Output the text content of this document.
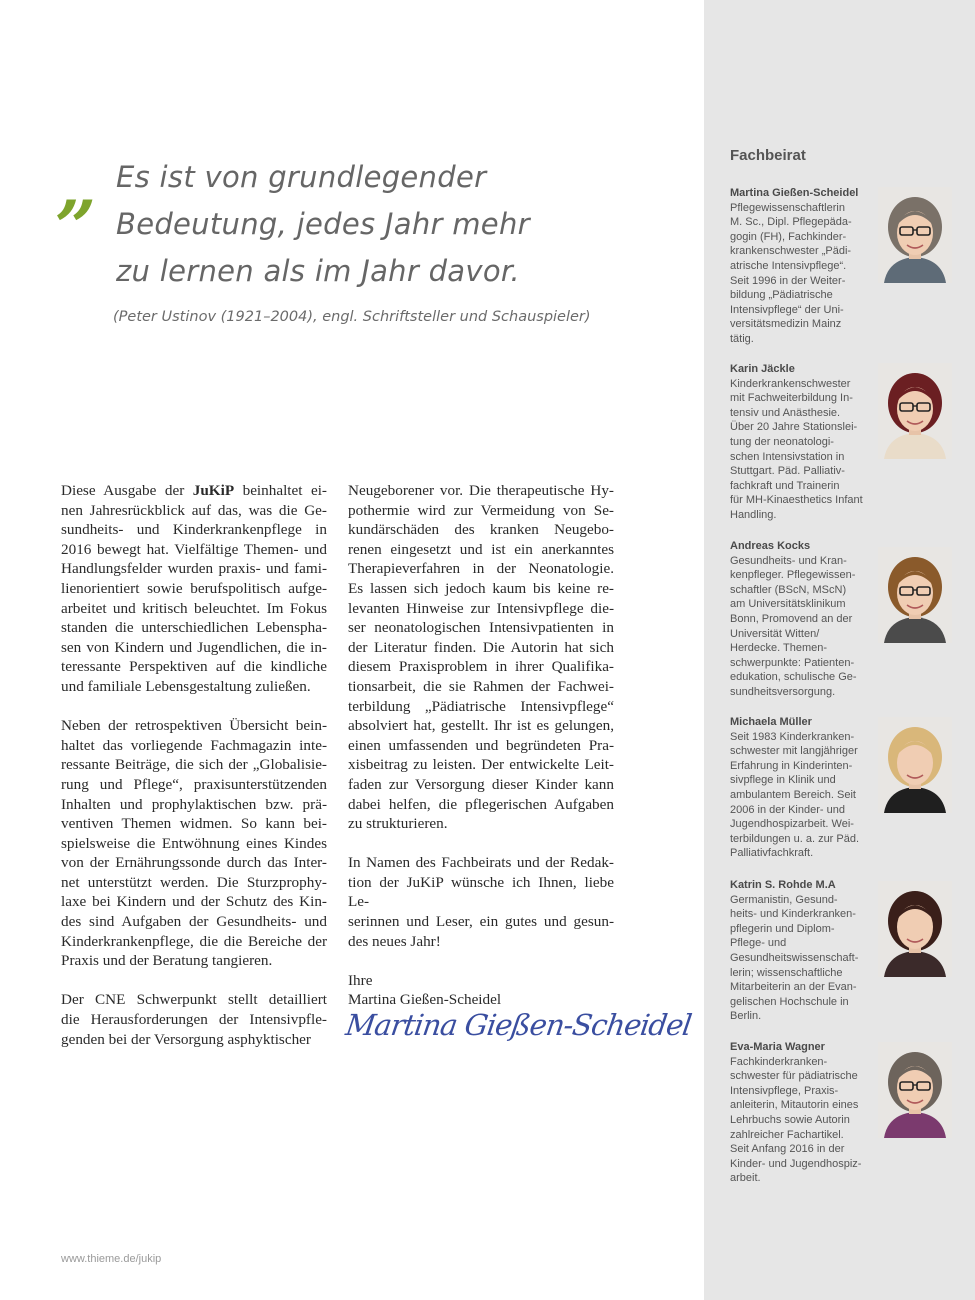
„ Es ist von grundlegender
Bedeutung, jedes Jahr mehr
zu lernen als im Jahr davor.
(Peter Ustinov (1921–2004), engl. Schriftsteller und Schauspieler)

Diese Ausgabe der JuKiP beinhaltet ei-
nen Jahresrückblick auf das, was die Ge-
sundheits- und Kinderkrankenpflege in
2016 bewegt hat. Vielfältige Themen- und
Handlungsfelder wurden praxis- und fami-
lienorientiert sowie berufspolitisch aufge-
arbeitet und kritisch beleuchtet. Im Fokus
standen die unterschiedlichen Lebenspha-
sen von Kindern und Jugendlichen, die in-
teressante Perspektiven auf die kindliche
und familiale Lebensgestaltung zuließen.

Neben der retrospektiven Übersicht bein-
haltet das vorliegende Fachmagazin inte-
ressante Beiträge, die sich der „Globalisie-
rung und Pflege“, praxisunterstützenden
Inhalten und prophylaktischen bzw. prä-
ventiven Themen widmen. So kann bei-
spielsweise die Entwöhnung eines Kindes
von der Ernährungssonde durch das Inter-
net unterstützt werden. Die Sturzprophy-
laxe bei Kindern und der Schutz des Kin-
des sind Aufgaben der Gesundheits- und
Kinderkrankenpflege, die die Bereiche der
Praxis und der Beratung tangieren.

Der CNE Schwerpunkt stellt detailliert
die Herausforderungen der Intensivpfle-
genden bei der Versorgung asphyktischer

Neugeborener vor. Die therapeutische Hy-
pothermie wird zur Vermeidung von Se-
kundärschäden des kranken Neugebo-
renen eingesetzt und ist ein anerkanntes
Therapieverfahren in der Neonatologie.
Es lassen sich jedoch kaum bis keine re-
levanten Hinweise zur Intensivpflege die-
ser neonatologischen Intensivpatienten in
der Literatur finden. Die Autorin hat sich
diesem Praxisproblem in ihrer Qualifika-
tionsarbeit, die sie Rahmen der Fachwei-
terbildung „Pädiatrische Intensivpflege“
absolviert hat, gestellt. Ihr ist es gelungen,
einen umfassenden und begründeten Pra-
xisbeitrag zu leisten. Der entwickelte Leit-
faden zur Versorgung dieser Kinder kann
dabei helfen, die pflegerischen Aufgaben
zu strukturieren.

In Namen des Fachbeirats und der Redak-
tion der JuKiP wünsche ich Ihnen, liebe Le-
serinnen und Leser, ein gutes und gesun-
des neues Jahr!

Ihre
Martina Gießen-Scheidel

Martina Gießen-Scheidel
www.thieme.de/jukip
Fachbeirat
Martina Gießen-Scheidel
Pflegewissenschaftlerin
M. Sc., Dipl. Pflegepäda-
gogin (FH), Fachkinder-
krankenschwester „Pädi-
atrische Intensivpflege“.
Seit 1996 in der Weiter-
bildung „Pädiatrische
Intensivpflege“ der Uni-
versitätsmedizin Mainz
tätig.
Karin Jäckle
Kinderkrankenschwester
mit Fachweiterbildung In-
tensiv und Anästhesie.
Über 20 Jahre Stationslei-
tung der neonatologi-
schen Intensivstation in
Stuttgart. Päd. Palliativ-
fachkraft und Trainerin
für MH-Kinaesthetics Infant
Handling.
Andreas Kocks
Gesundheits- und Kran-
kenpfleger. Pflegewissen-
schaftler (BScN, MScN)
am Universitätsklinikum
Bonn, Promovend an der
Universität Witten/
Herdecke. Themen-
schwerpunkte: Patienten-
edukation, schulische Ge-
sundheitsversorgung.
Michaela Müller
Seit 1983 Kinderkranken-
schwester mit langjähriger
Erfahrung in Kinderinten-
sivpflege in Klinik und
ambulantem Bereich. Seit
2006 in der Kinder- und
Jugendhospizarbeit. Wei-
terbildungen u. a. zur Päd.
Palliativfachkraft.
Katrin S. Rohde M.A
Germanistin, Gesund-
heits- und Kinderkranken-
pflegerin und Diplom-
Pflege- und
Gesundheitswissenschaft-
lerin; wissenschaftliche
Mitarbeiterin an der Evan-
gelischen Hochschule in
Berlin.
Eva-Maria Wagner
Fachkinderkranken-
schwester für pädiatrische
Intensivpflege, Praxis-
anleiterin, Mitautorin eines
Lehrbuchs sowie Autorin
zahlreicher Fachartikel.
Seit Anfang 2016 in der
Kinder- und Jugendhospiz-
arbeit.
